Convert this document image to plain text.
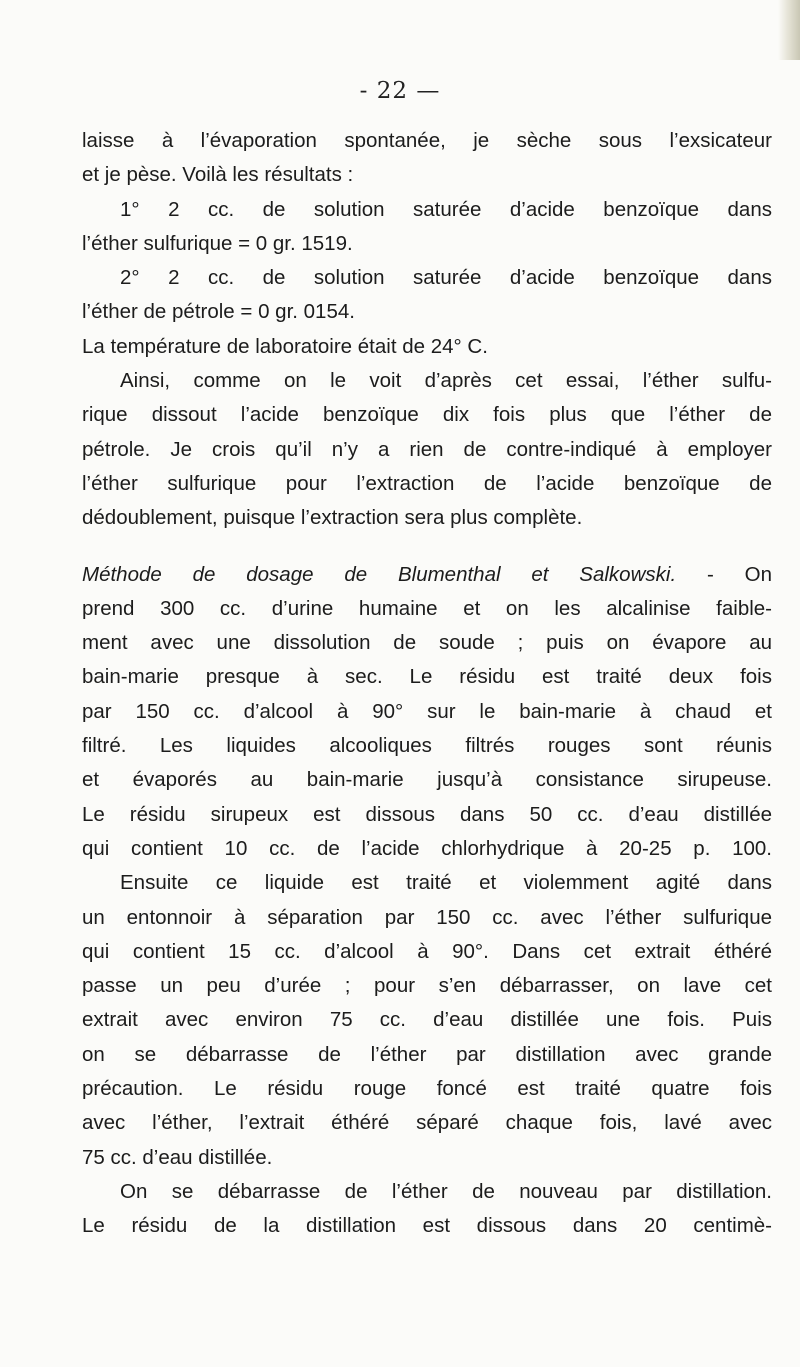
- 22 —
laisse à l’évaporation spontanée, je sèche sous l’exsicateur
et je pèse. Voilà les résultats :
1° 2 cc. de solution saturée d’acide benzoïque dans
l’éther sulfurique = 0 gr. 1519.
2° 2 cc. de solution saturée d’acide benzoïque dans
l’éther de pétrole = 0 gr. 0154.
La température de laboratoire était de 24° C.
Ainsi, comme on le voit d’après cet essai, l’éther sulfu-
rique dissout l’acide benzoïque dix fois plus que l’éther de
pétrole. Je crois qu’il n’y a rien de contre-indiqué à employer
l’éther sulfurique pour l’extraction de l’acide benzoïque de
dédoublement, puisque l’extraction sera plus complète.
Méthode de dosage de Blumenthal et Salkowski. - On
prend 300 cc. d’urine humaine et on les alcalinise faible-
ment avec une dissolution de soude ; puis on évapore au
bain-marie presque à sec. Le résidu est traité deux fois
par 150 cc. d’alcool à 90° sur le bain-marie à chaud et
filtré. Les liquides alcooliques filtrés rouges sont réunis
et évaporés au bain-marie jusqu’à consistance sirupeuse.
Le résidu sirupeux est dissous dans 50 cc. d’eau distillée
qui contient 10 cc. de l’acide chlorhydrique à 20-25 p. 100.
Ensuite ce liquide est traité et violemment agité dans
un entonnoir à séparation par 150 cc. avec l’éther sulfurique
qui contient 15 cc. d’alcool à 90°. Dans cet extrait éthéré
passe un peu d’urée ; pour s’en débarrasser, on lave cet
extrait avec environ 75 cc. d’eau distillée une fois. Puis
on se débarrasse de l’éther par distillation avec grande
précaution. Le résidu rouge foncé est traité quatre fois
avec l’éther, l’extrait éthéré séparé chaque fois, lavé avec
75 cc. d’eau distillée.
On se débarrasse de l’éther de nouveau par distillation.
Le résidu de la distillation est dissous dans 20 centimè-
